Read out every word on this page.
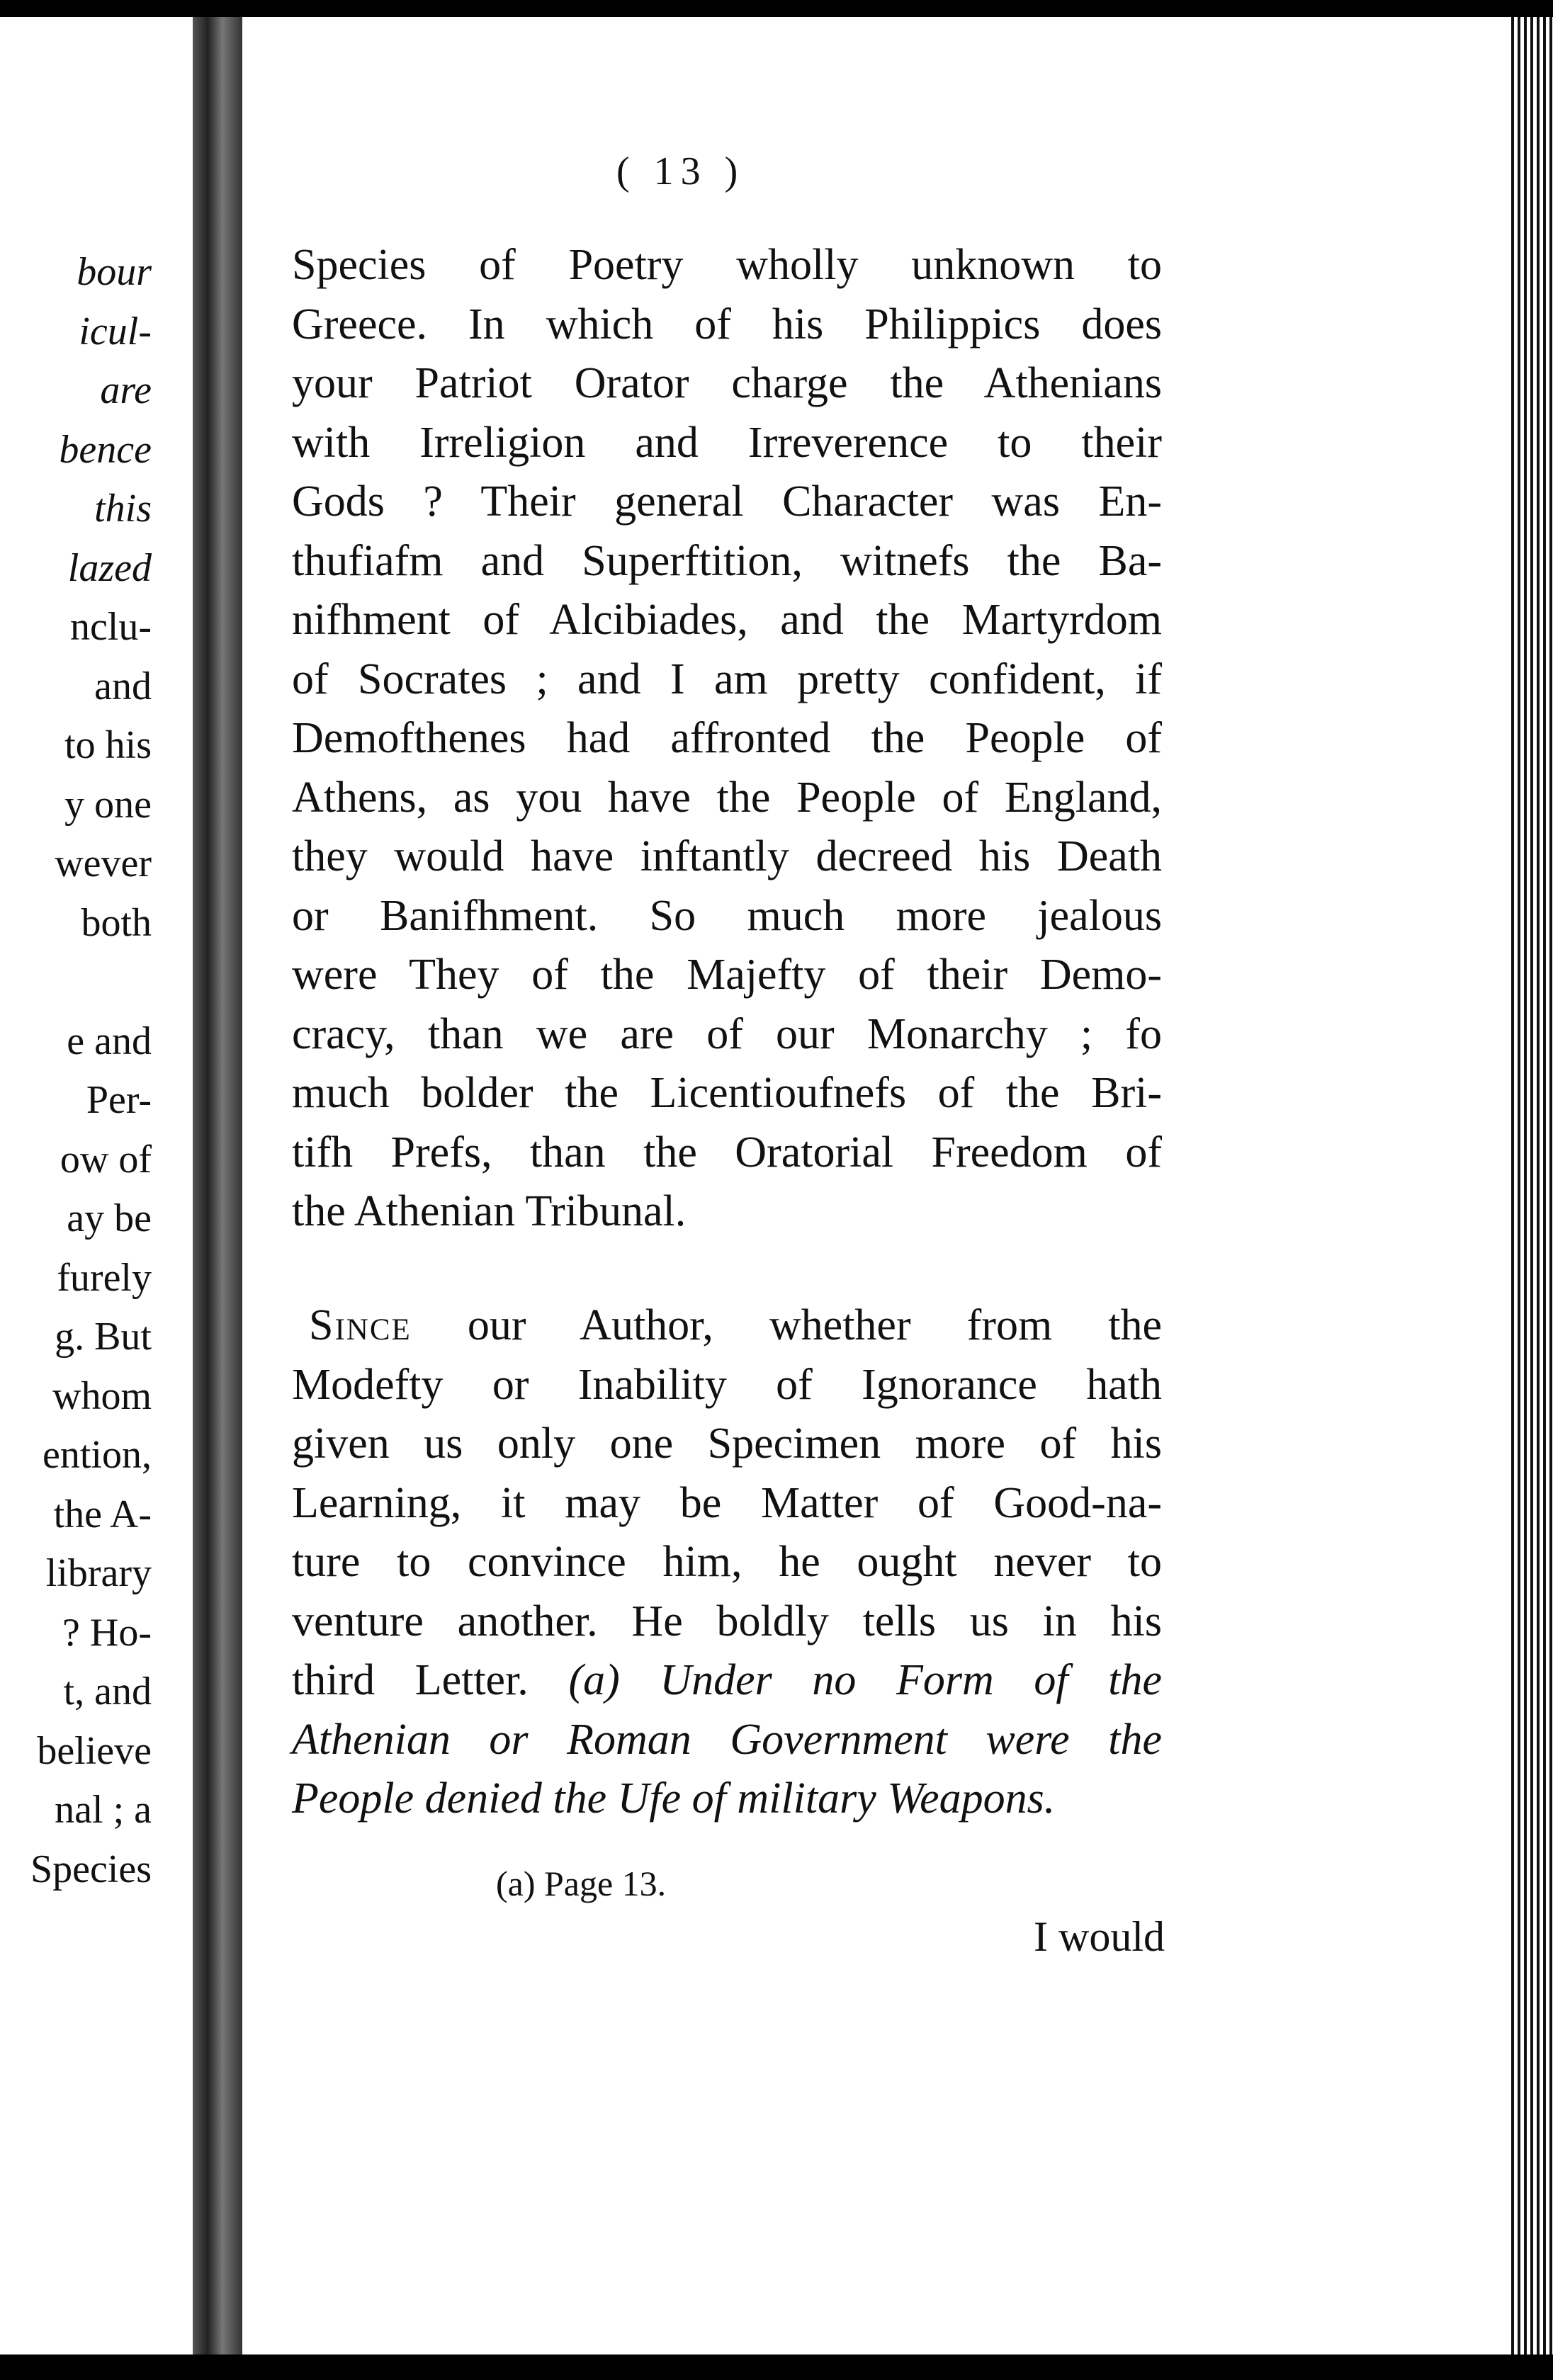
bour
icul-
are
bence
this
lazed
nclu-
and
to his
y one
wever
both
e and
Per-
ow of
ay be
furely
g. But
whom
ention,
the A-
library
? Ho-
t, and
believe
nal ; a
Species
( 13 )
Species of Poetry wholly unknown to
Greece. In which of his Philippics does
your Patriot Orator charge the Athenians
with Irreligion and Irreverence to their
Gods ? Their general Character was En-
thufiafm and Superftition, witnefs the Ba-
nifhment of Alcibiades, and the Martyrdom
of Socrates ; and I am pretty confident, if
Demofthenes had affronted the People of
Athens, as you have the People of England,
they would have inftantly decreed his Death
or Banifhment. So much more jealous
were They of the Majefty of their Demo-
cracy, than we are of our Monarchy ; fo
much bolder the Licentioufnefs of the Bri-
tifh Prefs, than the Oratorial Freedom of
the Athenian Tribunal.
Since our Author, whether from the
Modefty or Inability of Ignorance hath
given us only one Specimen more of his
Learning, it may be Matter of Good-na-
ture to convince him, he ought never to
venture another. He boldly tells us in his
third Letter. (a) Under no Form of the
Athenian or Roman Government were the
People denied the Ufe of military Weapons.
(a) Page 13.
I would
